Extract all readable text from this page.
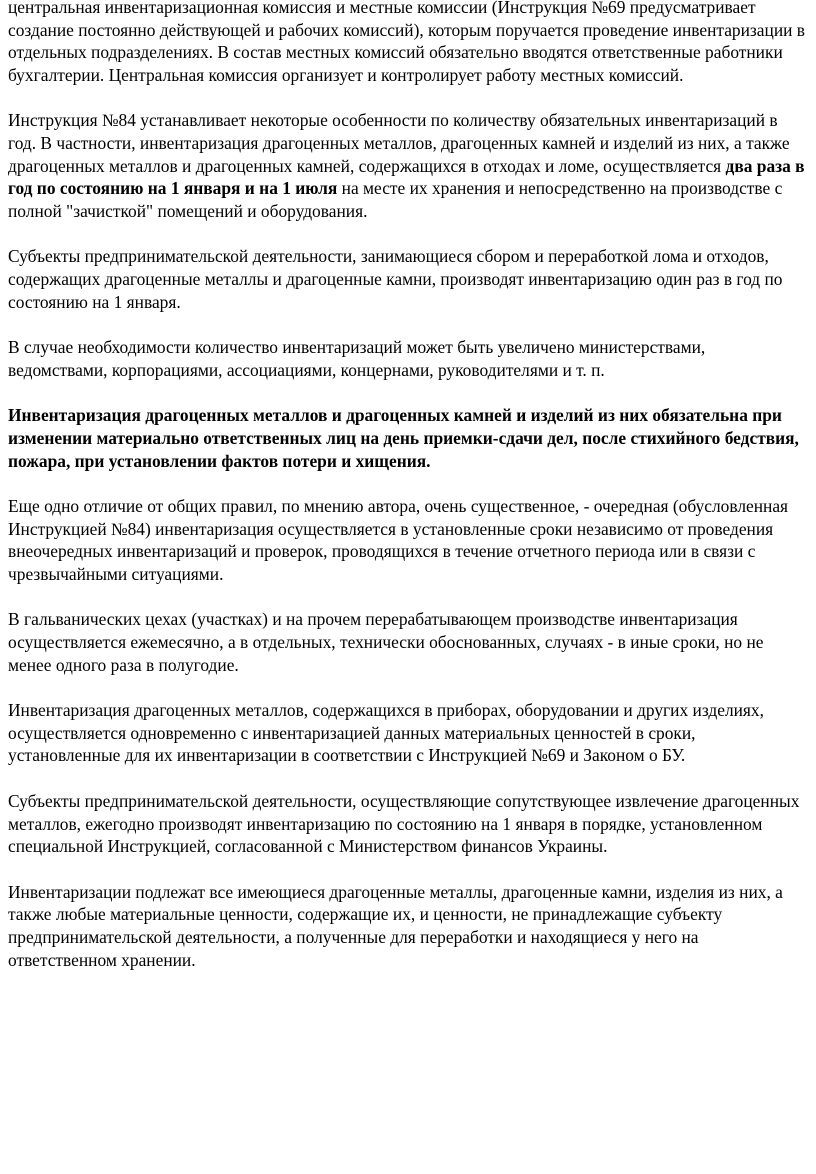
центральная инвентаризационная комиссия и местные комиссии (Инструкция №69 предусматривает создание постоянно действующей и рабочих комиссий), которым поручается проведение инвентаризации в отдельных подразделениях. В состав местных комиссий обязательно вводятся ответственные работники бухгалтерии. Центральная комиссия организует и контролирует работу местных комиссий.

Инструкция №84 устанавливает некоторые особенности по количеству обязательных инвентаризаций в год. В частности, инвентаризация драгоценных металлов, драгоценных камней и изделий из них, а также драгоценных металлов и драгоценных камней, содержащихся в отходах и ломе, осуществляется два раза в год по состоянию на 1 января и на 1 июля на месте их хранения и непосредственно на производстве с полной "зачисткой" помещений и оборудования.

Субъекты предпринимательской деятельности, занимающиеся сбором и переработкой лома и отходов, содержащих драгоценные металлы и драгоценные камни, производят инвентаризацию один раз в год по состоянию на 1 января.

В случае необходимости количество инвентаризаций может быть увеличено министерствами, ведомствами, корпорациями, ассоциациями, концернами, руководителями и т. п.

Инвентаризация драгоценных металлов и драгоценных камней и изделий из них обязательна при изменении материально ответственных лиц на день приемки-сдачи дел, после стихийного бедствия, пожара, при установлении фактов потери и хищения.

Еще одно отличие от общих правил, по мнению автора, очень существенное, - очередная (обусловленная Инструкцией №84) инвентаризация осуществляется в установленные сроки независимо от проведения внеочередных инвентаризаций и проверок, проводящихся в течение отчетного периода или в связи с чрезвычайными ситуациями.

В гальванических цехах (участках) и на прочем перерабатывающем производстве инвентаризация осуществляется ежемесячно, а в отдельных, технически обоснованных, случаях - в иные сроки, но не менее одного раза в полугодие.

Инвентаризация драгоценных металлов, содержащихся в приборах, оборудовании и других изделиях, осуществляется одновременно с инвентаризацией данных материальных ценностей в сроки, установленные для их инвентаризации в соответствии с Инструкцией №69 и Законом о БУ.

Субъекты предпринимательской деятельности, осуществляющие сопутствующее извлечение драгоценных металлов, ежегодно производят инвентаризацию по состоянию на 1 января в порядке, установленном специальной Инструкцией, согласованной с Министерством финансов Украины.

Инвентаризации подлежат все имеющиеся драгоценные металлы, драгоценные камни, изделия из них, а также любые материальные ценности, содержащие их, и ценности, не принадлежащие субъекту предпринимательской деятельности, а полученные для переработки и находящиеся у него на ответственном хранении.
